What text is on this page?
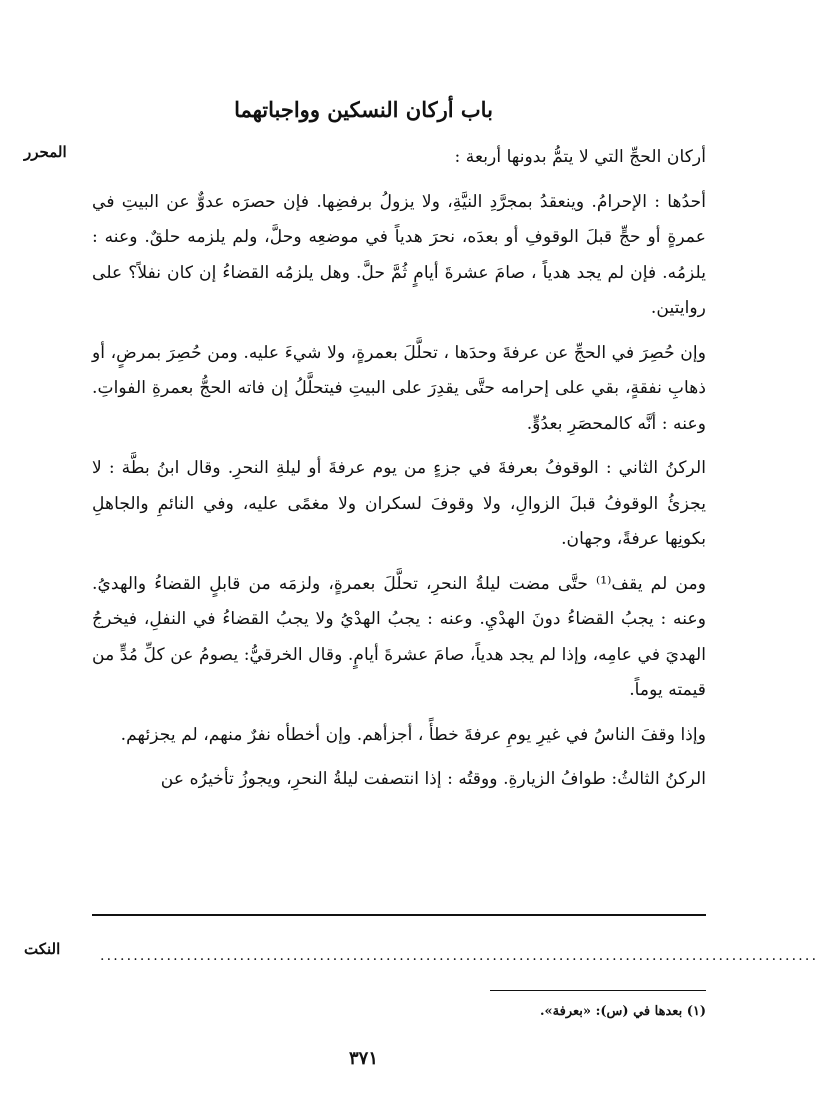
المحرر
باب أركان النسكين وواجباتهما

أركان الحجِّ التي لا يتمُّ بدونها أربعة :

أحدُها : الإحرامُ. وينعقدُ بمجرَّدِ النيَّةِ، ولا يزولُ برفضِها. فإن حصرَه عدوٌّ عن البيتِ في عمرةٍ أو حجٍّ قبلَ الوقوفِ أو بعدَه، نحرَ هدياً في موضعِه وحلَّ، ولم يلزمه حلقٌ. وعنه : يلزمُه. فإن لم يجد هدياً ، صامَ عشرةَ أيامٍ ثُمَّ حلَّ. وهل يلزمُه القضاءُ إن كان نفلاً؟ على روايتين.

وإن حُصِرَ في الحجِّ عن عرفةَ وحدَها ، تحلَّلَ بعمرةٍ، ولا شيءَ عليه. ومن حُصِرَ بمرضٍ، أو ذهابِ نفقةٍ، بقي على إحرامه حتَّى يقدِرَ على البيتِ فيتحلَّلُ إن فاته الحجُّ بعمرةِ الفواتِ. وعنه : أنَّه كالمحصَرِ بعدُوٍّ.

الركنُ الثاني : الوقوفُ بعرفةَ في جزءٍ من يوم عرفةَ أو ليلةِ النحرِ. وقال ابنُ بطَّة : لا يجزئُ الوقوفُ قبلَ الزوالِ، ولا وقوفَ لسكران ولا مغمًى عليه، وفي النائمِ والجاهلِ بكونِها عرفةً، وجهان.

ومن لم يقف⁽¹⁾ حتَّى مضت ليلةُ النحرِ، تحلَّلَ بعمرةٍ، ولزمَه من قابلٍ القضاءُ والهديُ. وعنه : يجبُ القضاءُ دونَ الهدْيِ. وعنه : يجبُ الهدْيُ ولا يجبُ القضاءُ في النفلِ، فيخرجُ الهديَ في عامِه، وإذا لم يجد هدياً، صامَ عشرةَ أيامٍ. وقال الخرقيُّ: يصومُ عن كلِّ مُدٍّ من قيمته يوماً.

وإذا وقفَ الناسُ في غيرِ يومِ عرفةَ خطأً ، أجزأهم. وإن أخطأه نفرٌ منهم، لم يجزئهم.

الركنُ الثالثُ: طوافُ الزيارةِ. ووقتُه : إذا انتصفت ليلةُ النحرِ، ويجوزُ تأخيرُه عن

النكت	............................................................................................................
(١) بعدها في (س): «بعرفة».
٣٧١
